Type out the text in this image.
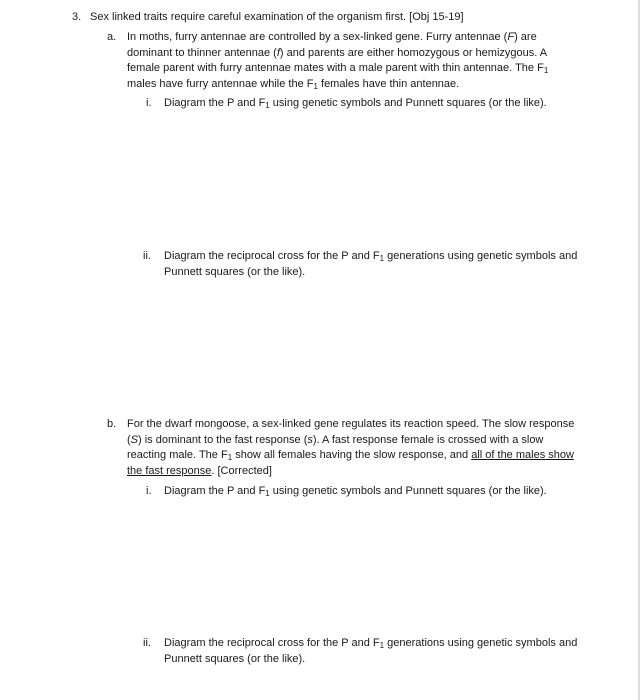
3. Sex linked traits require careful examination of the organism first. [Obj 15-19]
a. In moths, furry antennae are controlled by a sex-linked gene. Furry antennae (F) are dominant to thinner antennae (f) and parents are either homozygous or hemizygous. A female parent with furry antennae mates with a male parent with thin antennae. The $F_1$ males have furry antennae while the $F_1$ females have thin antennae.
i.	Diagram the P and $F_1$ using genetic symbols and Punnett squares (or the like).
ii.	Diagram the reciprocal cross for the P and $F_1$ generations using genetic symbols and Punnett squares (or the like).
b. For the dwarf mongoose, a sex-linked gene regulates its reaction speed. The slow response (S) is dominant to the fast response (s). A fast response female is crossed with a slow reacting male. The $F_1$ show all females having the slow response, and all of the males show the fast response. [Corrected]
i.	Diagram the P and $F_1$ using genetic symbols and Punnett squares (or the like).
ii.	Diagram the reciprocal cross for the P and $F_1$ generations using genetic symbols and Punnett squares (or the like).
